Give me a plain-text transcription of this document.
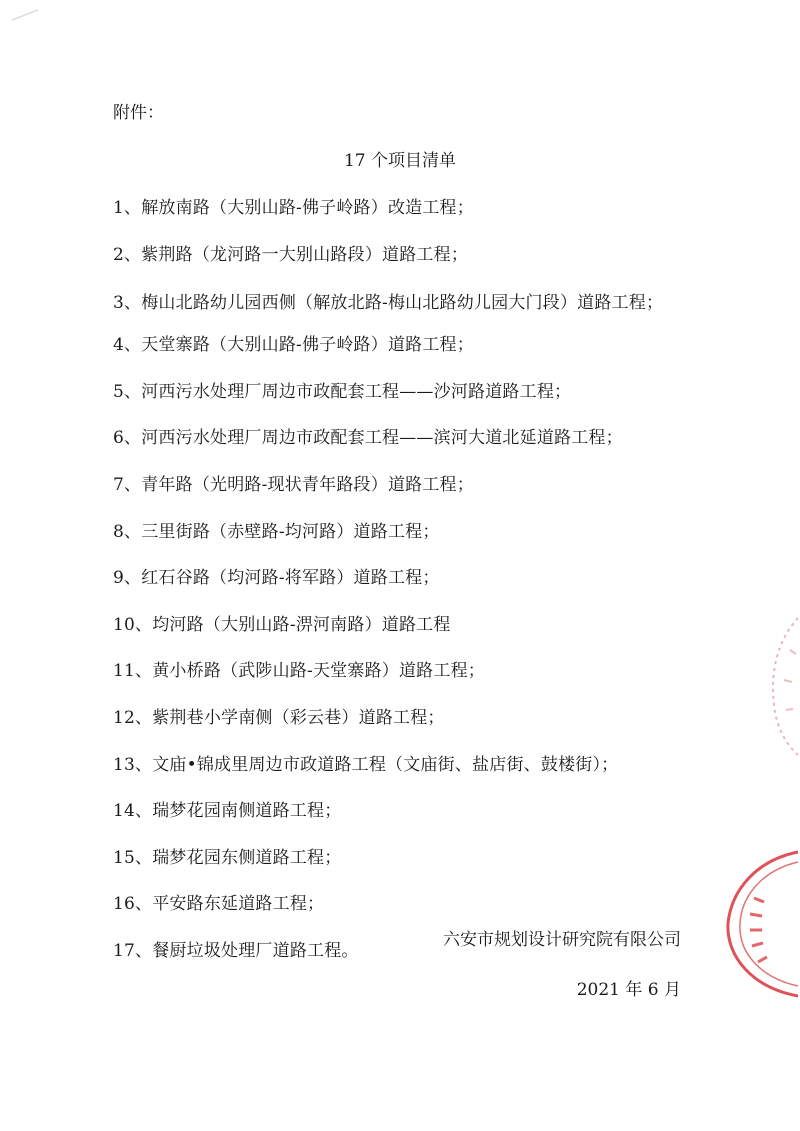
附件：
17 个项目清单
1、解放南路（大别山路-佛子岭路）改造工程；
2、紫荆路（龙河路一大别山路段）道路工程；
3、梅山北路幼儿园西侧（解放北路-梅山北路幼儿园大门段）道路工程；
4、天堂寨路（大别山路-佛子岭路）道路工程；
5、河西污水处理厂周边市政配套工程——沙河路道路工程；
6、河西污水处理厂周边市政配套工程——滨河大道北延道路工程；
7、青年路（光明路-现状青年路段）道路工程；
8、三里街路（赤壁路-均河路）道路工程；
9、红石谷路（均河路-将军路）道路工程；
10、均河路（大别山路-淠河南路）道路工程
11、黄小桥路（武陟山路-天堂寨路）道路工程；
12、紫荆巷小学南侧（彩云巷）道路工程；
13、文庙•锦成里周边市政道路工程（文庙街、盐店街、鼓楼街）；
14、瑞梦花园南侧道路工程；
15、瑞梦花园东侧道路工程；
16、平安路东延道路工程；
17、餐厨垃圾处理厂道路工程。
六安市规划设计研究院有限公司
2021 年 6 月
